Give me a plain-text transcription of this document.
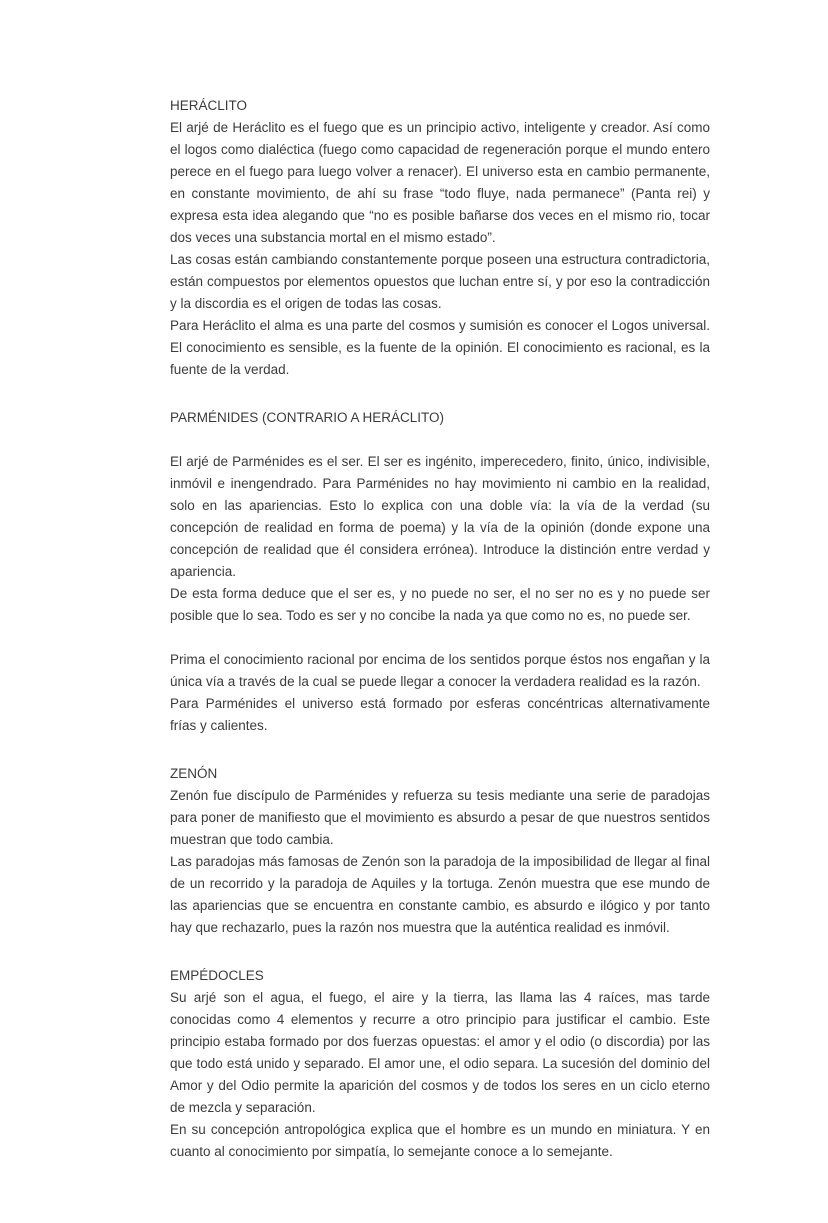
HERÁCLITO

El arjé de Heráclito es el fuego que es un principio activo, inteligente y creador. Así como el logos como dialéctica (fuego como capacidad de regeneración porque el mundo entero perece en el fuego para luego volver a renacer). El universo esta en cambio permanente, en constante movimiento, de ahí su frase “todo fluye, nada permanece” (Panta rei) y expresa esta idea alegando que “no es posible bañarse dos veces en el mismo rio, tocar dos veces una substancia mortal en el mismo estado”.

Las cosas están cambiando constantemente porque poseen una estructura contradictoria, están compuestos por elementos opuestos que luchan entre sí, y por eso la contradicción y la discordia es el origen de todas las cosas.

Para Heráclito el alma es una parte del cosmos y sumisión es conocer el Logos universal. El conocimiento es sensible, es la fuente de la opinión. El conocimiento es racional, es la fuente de la verdad.

PARMÉNIDES (CONTRARIO A HERÁCLITO)

El arjé de Parménides es el ser. El ser es ingénito, imperecedero, finito, único, indivisible, inmóvil e inengendrado. Para Parménides no hay movimiento ni cambio en la realidad, solo en las apariencias. Esto lo explica con una doble vía: la vía de la verdad (su concepción de realidad en forma de poema) y la vía de la opinión (donde expone una concepción de realidad que él considera errónea). Introduce la distinción entre verdad y apariencia.

De esta forma deduce que el ser es, y no puede no ser, el no ser no es y no puede ser posible que lo sea. Todo es ser y no concibe la nada ya que como no es, no puede ser.

Prima el conocimiento racional por encima de los sentidos porque éstos nos engañan y la única vía a través de la cual se puede llegar a conocer la verdadera realidad es la razón.

Para Parménides el universo está formado por esferas concéntricas alternativamente frías y calientes.

ZENÓN

Zenón fue discípulo de Parménides y refuerza su tesis mediante una serie de paradojas para poner de manifiesto que el movimiento es absurdo a pesar de que nuestros sentidos muestran que todo cambia.

Las paradojas más famosas de Zenón son la paradoja de la imposibilidad de llegar al final de un recorrido y la paradoja de Aquiles y la tortuga. Zenón muestra que ese mundo de las apariencias que se encuentra en constante cambio, es absurdo e ilógico y por tanto hay que rechazarlo, pues la razón nos muestra que la auténtica realidad es inmóvil.

EMPÉDOCLES

Su arjé son el agua, el fuego, el aire y la tierra, las llama las 4 raíces, mas tarde conocidas como 4 elementos y recurre a otro principio para justificar el cambio. Este principio estaba formado por dos fuerzas opuestas: el amor y el odio (o discordia) por las que todo está unido y separado. El amor une, el odio separa. La sucesión del dominio del Amor y del Odio permite la aparición del cosmos y de todos los seres en un ciclo eterno de mezcla y separación.

En su concepción antropológica explica que el hombre es un mundo en miniatura. Y en cuanto al conocimiento por simpatía, lo semejante conoce a lo semejante.
